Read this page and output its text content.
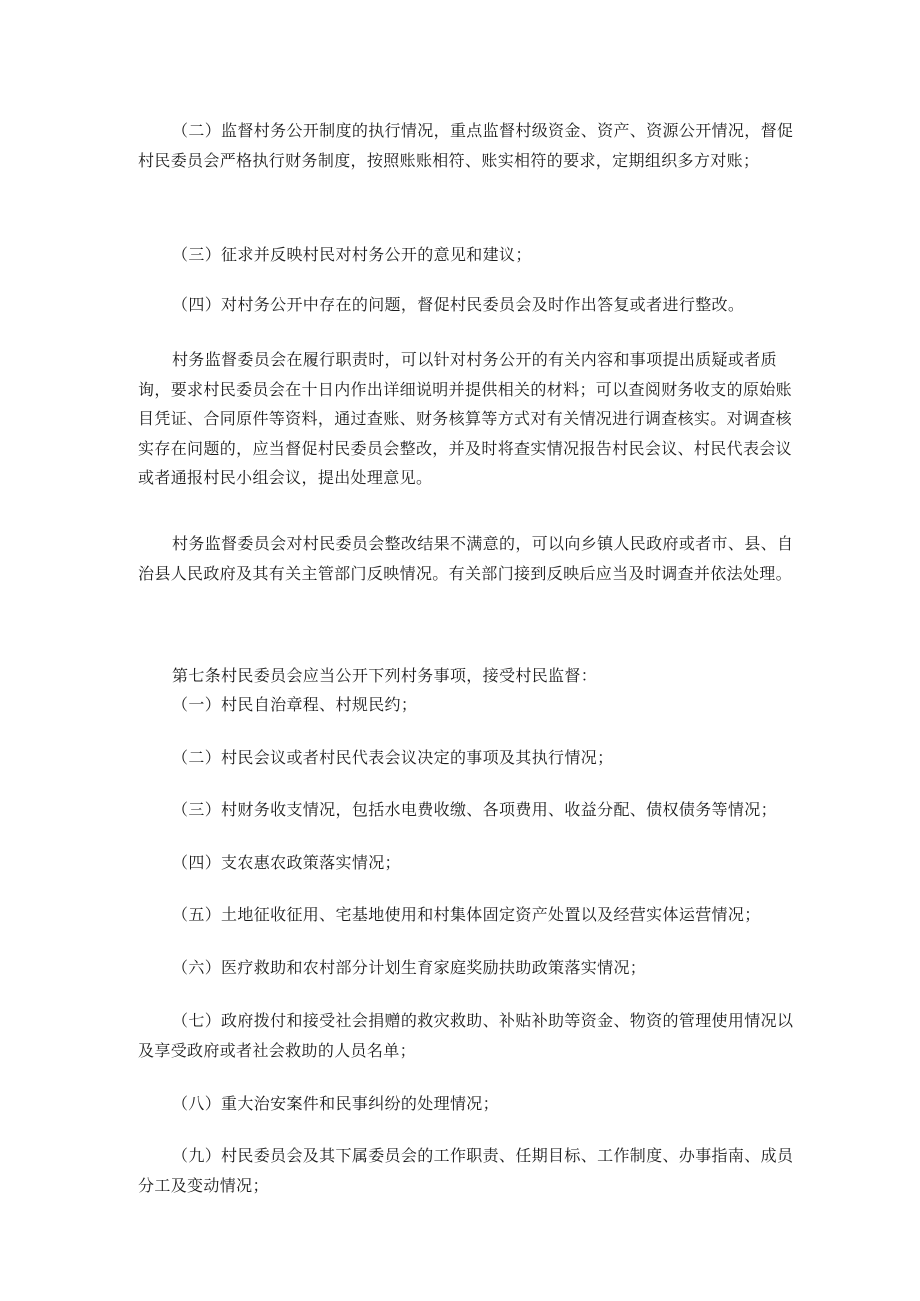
（二）监督村务公开制度的执行情况，重点监督村级资金、资产、资源公开情况，督促村民委员会严格执行财务制度，按照账账相符、账实相符的要求，定期组织多方对账；

（三）征求并反映村民对村务公开的意见和建议；

（四）对村务公开中存在的问题，督促村民委员会及时作出答复或者进行整改。

村务监督委员会在履行职责时，可以针对村务公开的有关内容和事项提出质疑或者质询，要求村民委员会在十日内作出详细说明并提供相关的材料；可以查阅财务收支的原始账目凭证、合同原件等资料，通过查账、财务核算等方式对有关情况进行调查核实。对调查核实存在问题的，应当督促村民委员会整改，并及时将查实情况报告村民会议、村民代表会议或者通报村民小组会议，提出处理意见。

村务监督委员会对村民委员会整改结果不满意的，可以向乡镇人民政府或者市、县、自治县人民政府及其有关主管部门反映情况。有关部门接到反映后应当及时调查并依法处理。

第七条村民委员会应当公开下列村务事项，接受村民监督：

（一）村民自治章程、村规民约；

（二）村民会议或者村民代表会议决定的事项及其执行情况；

（三）村财务收支情况，包括水电费收缴、各项费用、收益分配、债权债务等情况；

（四）支农惠农政策落实情况；

（五）土地征收征用、宅基地使用和村集体固定资产处置以及经营实体运营情况；

（六）医疗救助和农村部分计划生育家庭奖励扶助政策落实情况；

（七）政府拨付和接受社会捐赠的救灾救助、补贴补助等资金、物资的管理使用情况以及享受政府或者社会救助的人员名单；

（八）重大治安案件和民事纠纷的处理情况；

（九）村民委员会及其下属委员会的工作职责、任期目标、工作制度、办事指南、成员分工及变动情况；
